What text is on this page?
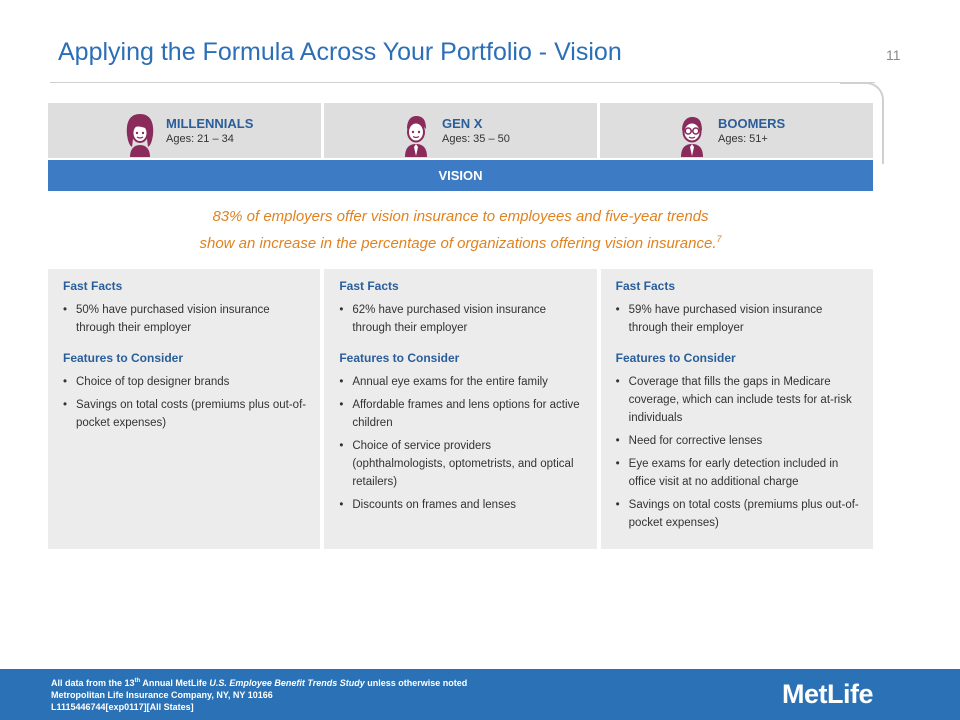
Applying the Formula Across Your Portfolio - Vision	11
MILLENNIALS
Ages: 21 – 34
GEN X
Ages: 35 – 50
BOOMERS
Ages: 51+
VISION
83% of employers offer vision insurance to employees and five-year trends
show an increase in the percentage of organizations offering vision insurance.$^7$
Fast Facts
• 50% have purchased vision insurance through their employer
Features to Consider
• Choice of top designer brands
• Savings on total costs (premiums plus out-of-pocket expenses)
Fast Facts
• 62% have purchased vision insurance through their employer
Features to Consider
• Annual eye exams for the entire family
• Affordable frames and lens options for active children
• Choice of service providers (ophthalmologists, optometrists, and optical retailers)
• Discounts on frames and lenses
Fast Facts
• 59% have purchased vision insurance through their employer
Features to Consider
• Coverage that fills the gaps in Medicare coverage, which can include tests for at-risk individuals
• Need for corrective lenses
• Eye exams for early detection included in office visit at no additional charge
• Savings on total costs (premiums plus out-of-pocket expenses)
All data from the 13th Annual MetLife U.S. Employee Benefit Trends Study unless otherwise noted
Metropolitan Life Insurance Company, NY, NY 10166
L1115446744[exp0117][All States]	MetLife
